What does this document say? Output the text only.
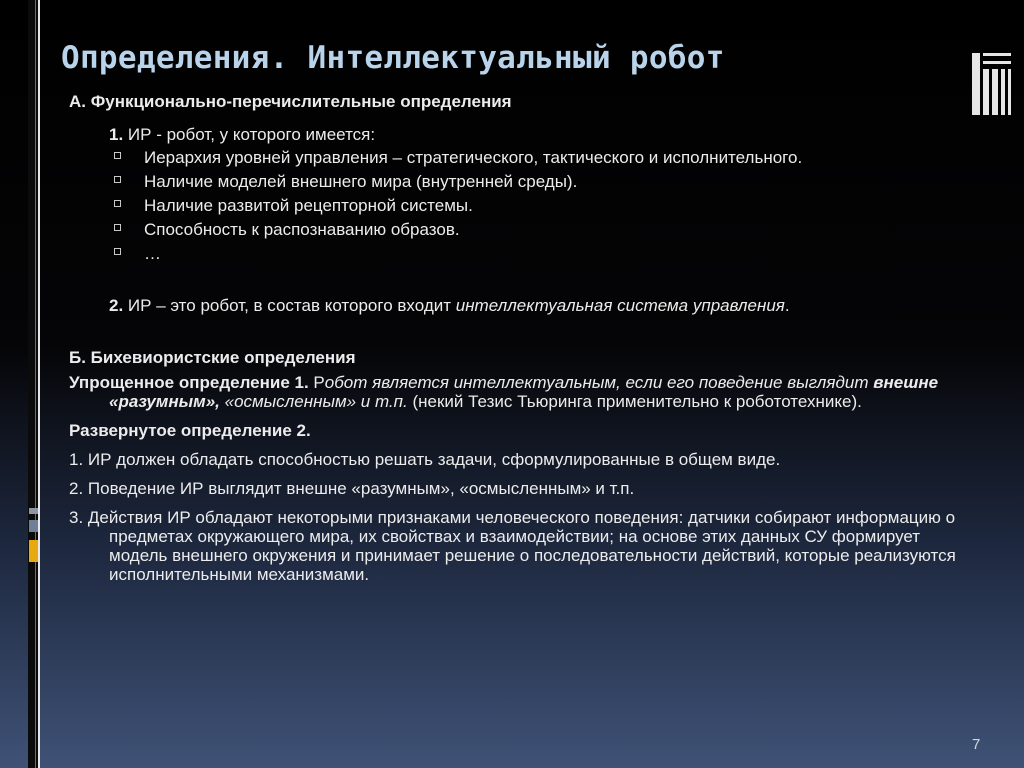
Определения. Интеллектуальный робот

А. Функционально-перечислительные определения

1. ИР - робот, у которого имеется:

Иерархия уровней управления – стратегического, тактического и исполнительного.
Наличие моделей внешнего мира (внутренней среды).
Наличие развитой рецепторной системы.
Способность к распознаванию образов.
…

2. ИР – это робот, в состав которого входит интеллектуальная система управления.

Б. Бихевиористские определения

Упрощенное определение 1. Робот является интеллектуальным, если его поведение выглядит внешне «разумным», «осмысленным» и т.п. (некий Тезис Тьюринга применительно к робототехнике).

Развернутое определение 2.

1. ИР должен обладать способностью решать задачи, сформулированные в общем виде.

2. Поведение ИР выглядит внешне «разумным», «осмысленным» и т.п.

3. Действия ИР обладают некоторыми признаками человеческого поведения: датчики собирают информацию о предметах окружающего мира, их свойствах и взаимодействии; на основе этих данных СУ формирует модель внешнего окружения и принимает решение о последовательности действий, которые реализуются исполнительными механизмами.

7
